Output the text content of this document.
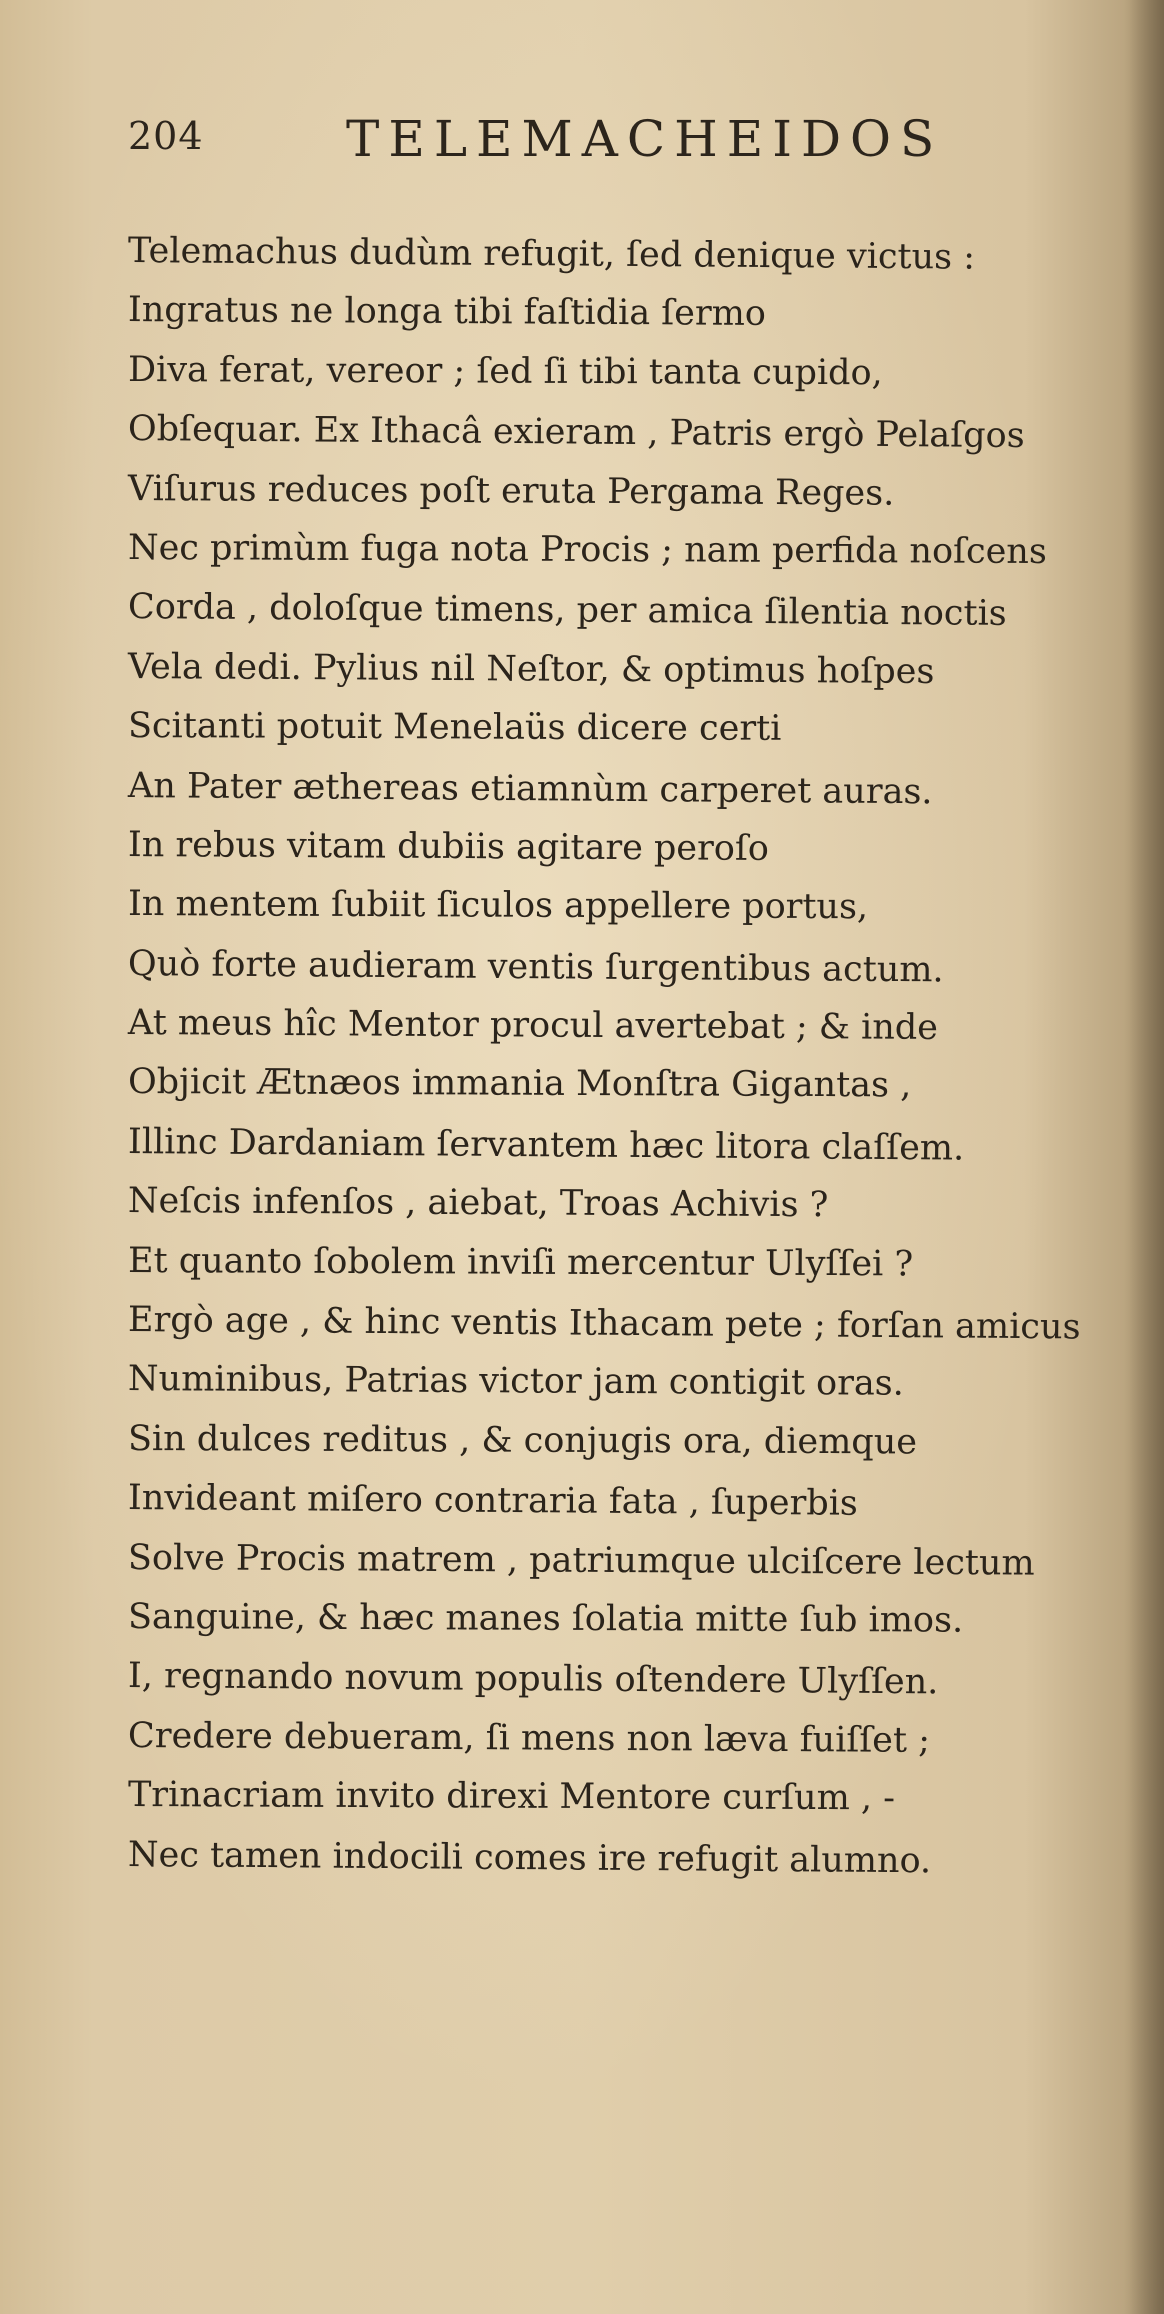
204	TELEMACHEIDOS
Telemachus dudùm refugit, ſed denique victus :
Ingratus ne longa tibi faſtidia ſermo
Diva ferat, vereor ; ſed ſi tibi tanta cupido,
Obſequar. Ex Ithacâ exieram , Patris ergò Pelaſgos
Viſurus reduces poſt eruta Pergama Reges.
Nec primùm fuga nota Procis ; nam perfida noſcens
Corda , doloſque timens, per amica ſilentia noctis
Vela dedi. Pylius nil Neſtor, & optimus hoſpes
Scitanti potuit Menelaüs dicere certi
An Pater æthereas etiamnùm carperet auras.
In rebus vitam dubiis agitare peroſo
In mentem ſubiit ſiculos appellere portus,
Quò forte audieram ventis ſurgentibus actum.
At meus hîc Mentor procul avertebat ; & inde
Objicit Ætnæos immania Monſtra Gigantas ,
Illinc Dardaniam ſervantem hæc litora claſſem.
Neſcis infenſos , aiebat, Troas Achivis ?
Et quanto ſobolem inviſi mercentur Ulyſſei ?
Ergò age , & hinc ventis Ithacam pete ; forſan amicus
Numinibus, Patrias victor jam contigit oras.
Sin dulces reditus , & conjugis ora, diemque
Invideant miſero contraria fata , ſuperbis
Solve Procis matrem , patriumque ulciſcere lectum
Sanguine, & hæc manes ſolatia mitte ſub imos.
I, regnando novum populis oſtendere Ulyſſen.
Credere debueram, ſi mens non læva fuiſſet ;
Trinacriam invito direxi Mentore curſum , -
Nec tamen indocili comes ire refugit alumno.
